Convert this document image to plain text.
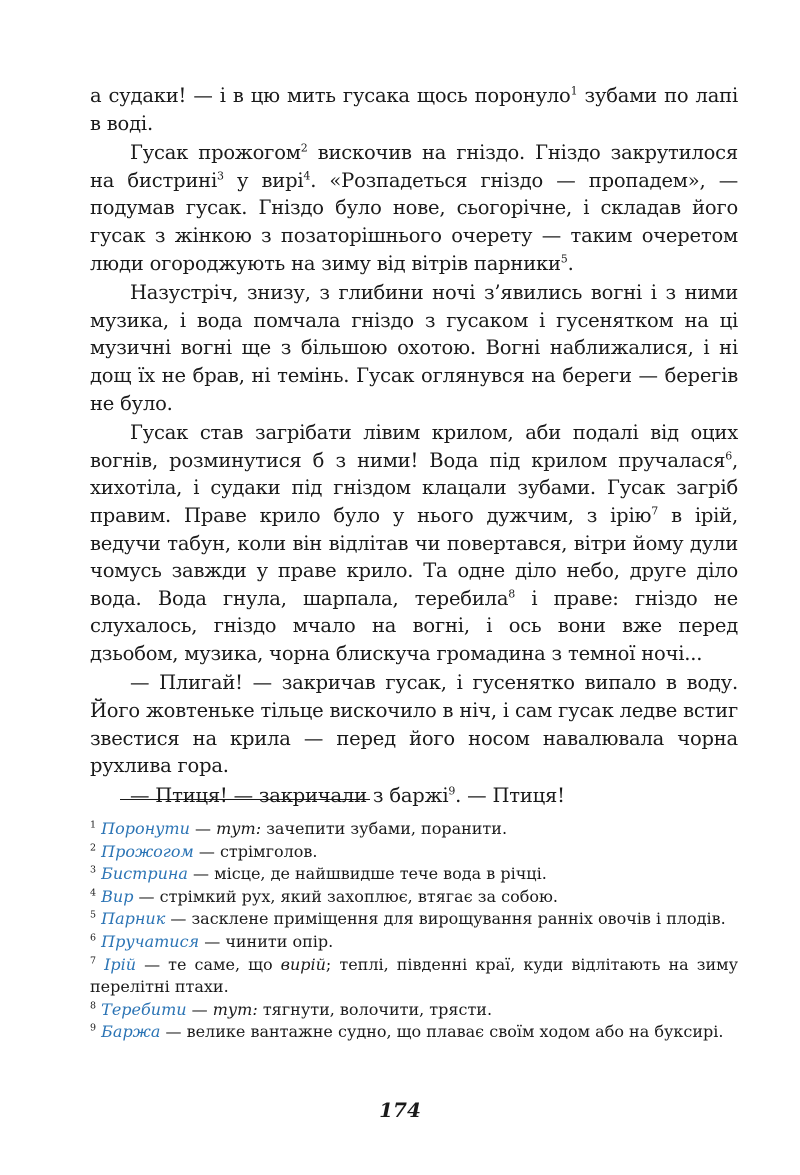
а судаки! — і в цю мить гусака щось поронуло$^1$ зубами по лапі в воді.

Гусак прожогом$^2$ вискочив на гніздо. Гніздо закрутилося на бистрині$^3$ у вирі$^4$. «Розпадеться гніздо — пропадем», — подумав гусак. Гніздо було нове, сьогорічне, і складав його гусак з жінкою з позаторішнього очерету — таким очеретом люди огороджують на зиму від вітрів парники$^5$.

Назустріч, знизу, з глибини ночі з’явились вогні і з ними музика, і вода помчала гніздо з гусаком і гусенятком на ці музичні вогні ще з більшою охотою. Вогні наближалися, і ні дощ їх не брав, ні темінь. Гусак оглянувся на береги — берегів не було.

Гусак став загрібати лівим крилом, аби подалі від оцих вогнів, розминутися б з ними! Вода під крилом пручалася$^6$, хихотіла, і судаки під гніздом клацали зубами. Гусак загріб правим. Праве крило було у нього дужчим, з ірію$^7$ в ірій, ведучи табун, коли він відлітав чи повертався, вітри йому дули чомусь завжди у праве крило. Та одне діло небо, друге діло вода. Вода гнула, шарпала, теребила$^8$ і праве: гніздо не слухалось, гніздо мчало на вогні, і ось вони вже перед дзьобом, музика, чорна блискуча громадина з темної ночі...

— Плигай! — закричав гусак, і гусенятко випало в воду. Його жовтеньке тільце вискочило в ніч, і сам гусак ледве встиг звестися на крила — перед його носом навалювала чорна рухлива гора.

— Птиця! — закричали з баржі$^9$. — Птиця!

$^1$ Поронути — тут: зачепити зубами, поранити.

$^2$ Прожогом — стрімголов.

$^3$ Бистрина — місце, де найшвидше тече вода в річці.

$^4$ Вир — стрімкий рух, який захоплює, втягає за собою.

$^5$ Парник — засклене приміщення для вирощування ранніх овочів і плодів.

$^6$ Пручатися — чинити опір.

$^7$ Ірій — те саме, що вирій; теплі, південні краї, куди відлітають на зиму перелітні птахи.

$^8$ Теребити — тут: тягнути, волочити, трясти.

$^9$ Баржа — велике вантажне судно, що плаває своїм ходом або на буксирі.

174
